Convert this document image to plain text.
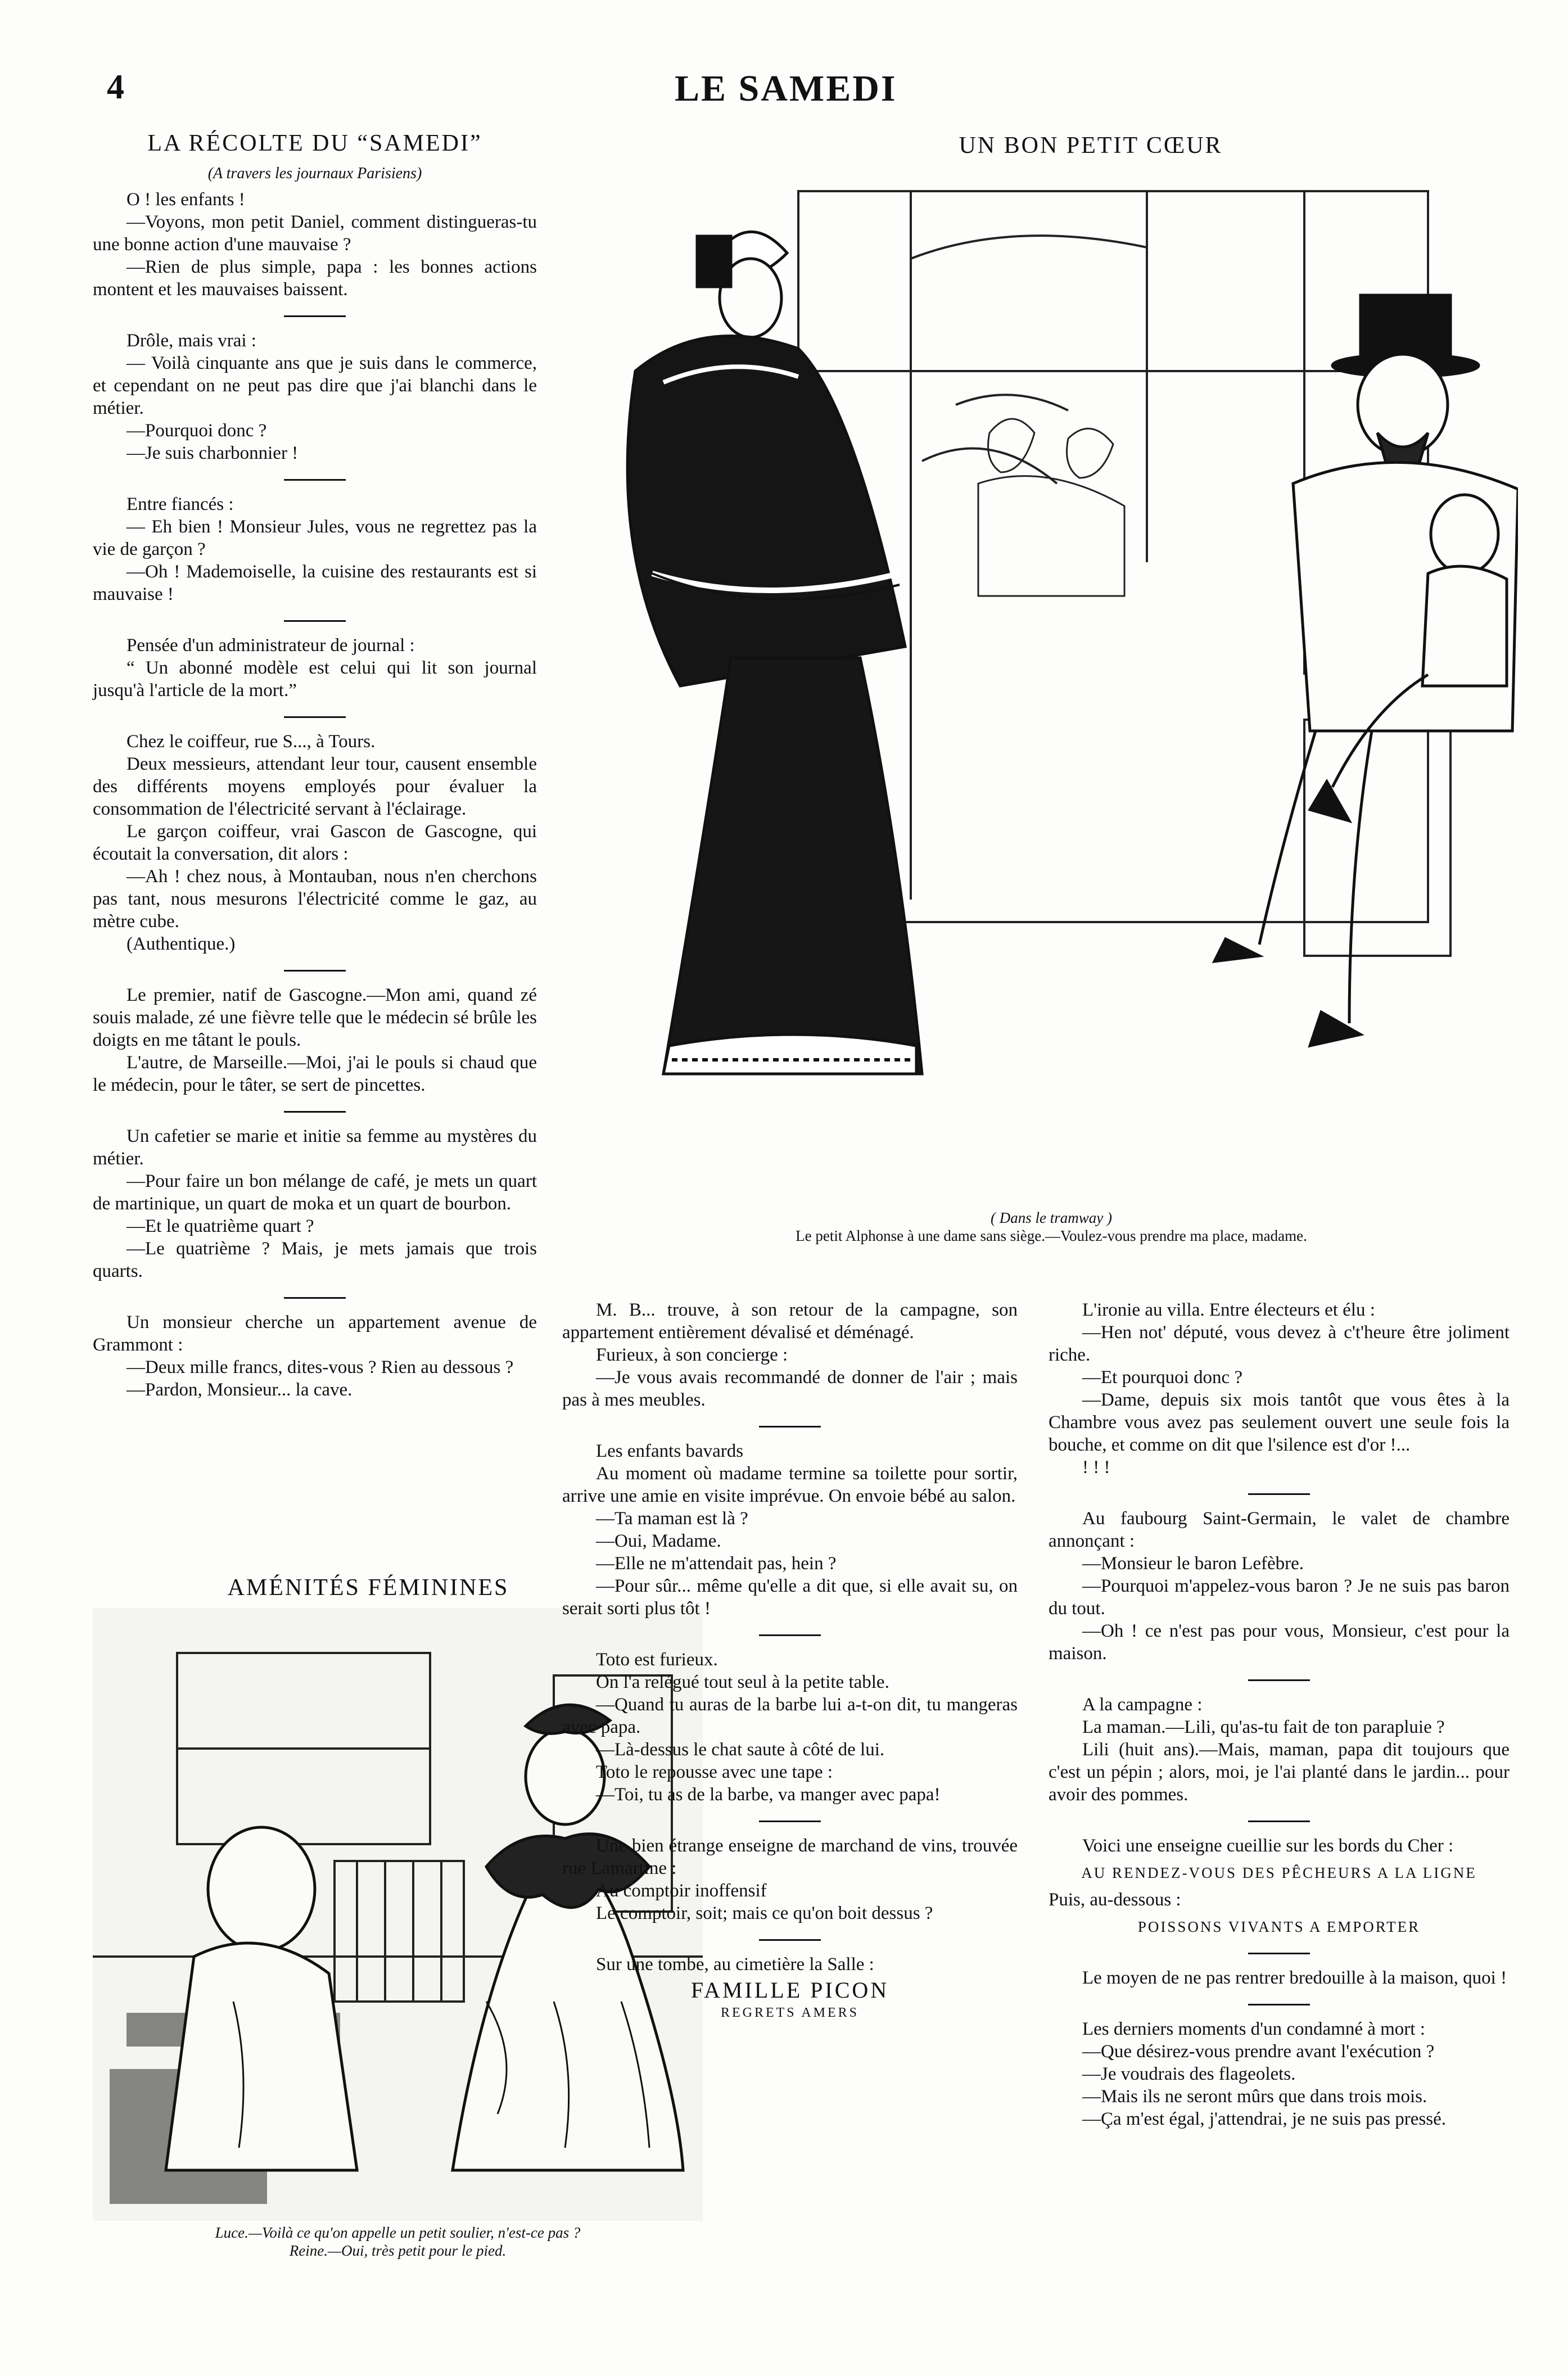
4	LE SAMEDI
LA RÉCOLTE DU “SAMEDI”
(A travers les journaux Parisiens)

O ! les enfants !

—Voyons, mon petit Daniel, comment distingueras-tu une bonne action d'une mauvaise ?

—Rien de plus simple, papa : les bonnes actions montent et les mauvaises baissent.

Drôle, mais vrai :

— Voilà cinquante ans que je suis dans le commerce, et cependant on ne peut pas dire que j'ai blanchi dans le métier.

—Pourquoi donc ?

—Je suis charbonnier !

Entre fiancés :

— Eh bien ! Monsieur Jules, vous ne regrettez pas la vie de garçon ?

—Oh ! Mademoiselle, la cuisine des restaurants est si mauvaise !

Pensée d'un administrateur de journal :

“ Un abonné modèle est celui qui lit son journal jusqu'à l'article de la mort.”

Chez le coiffeur, rue S..., à Tours.

Deux messieurs, attendant leur tour, causent ensemble des différents moyens employés pour évaluer la consommation de l'électricité servant à l'éclairage.

Le garçon coiffeur, vrai Gascon de Gascogne, qui écoutait la conversation, dit alors :

—Ah ! chez nous, à Montauban, nous n'en cherchons pas tant, nous mesurons l'électricité comme le gaz, au mètre cube.

(Authentique.)

Le premier, natif de Gascogne.—Mon ami, quand zé souis malade, zé une fièvre telle que le médecin sé brûle les doigts en me tâtant le pouls.

L'autre, de Marseille.—Moi, j'ai le pouls si chaud que le médecin, pour le tâter, se sert de pincettes.

Un cafetier se marie et initie sa femme au mystères du métier.

—Pour faire un bon mélange de café, je mets un quart de martinique, un quart de moka et un quart de bourbon.

—Et le quatrième quart ?

—Le quatrième ? Mais, je mets jamais que trois quarts.

Un monsieur cherche un appartement avenue de Grammont :

—Deux mille francs, dites-vous ? Rien au dessous ?

—Pardon, Monsieur... la cave.

AMÉNITÉS FÉMININES
Luce.—Voilà ce qu'on appelle un petit soulier, n'est-ce pas ?
Reine.—Oui, très petit pour le pied.
UN BON PETIT CŒUR
( Dans le tramway )
Le petit Alphonse à une dame sans siège.—Voulez-vous prendre ma place, madame.

M. B... trouve, à son retour de la campagne, son appartement entièrement dévalisé et déménagé.

Furieux, à son concierge :

—Je vous avais recommandé de donner de l'air ; mais pas à mes meubles.

Les enfants bavards

Au moment où madame termine sa toilette pour sortir, arrive une amie en visite imprévue. On envoie bébé au salon.

—Ta maman est là ?

—Oui, Madame.

—Elle ne m'attendait pas, hein ?

—Pour sûr... même qu'elle a dit que, si elle avait su, on serait sorti plus tôt !

Toto est furieux.

On l'a relégué tout seul à la petite table.

—Quand tu auras de la barbe lui a-t-on dit, tu mangeras avec papa.

—Là-dessus le chat saute à côté de lui.

Toto le repousse avec une tape :

—Toi, tu as de la barbe, va manger avec papa!

Une bien étrange enseigne de marchand de vins, trouvée rue Lamartine :

Au comptoir inoffensif

Le comptoir, soit; mais ce qu'on boit dessus ?

Sur une tombe, au cimetière la Salle :

FAMILLE PICON
REGRETS AMERS

L'ironie au villa. Entre électeurs et élu :

—Hen not' député, vous devez à c't'heure être joliment riche.

—Et pourquoi donc ?

—Dame, depuis six mois tantôt que vous êtes à la Chambre vous avez pas seulement ouvert une seule fois la bouche, et comme on dit que l'silence est d'or !...

! ! !

Au faubourg Saint-Germain, le valet de chambre annonçant :

—Monsieur le baron Lefèbre.

—Pourquoi m'appelez-vous baron ? Je ne suis pas baron du tout.

—Oh ! ce n'est pas pour vous, Monsieur, c'est pour la maison.

A la campagne :

La maman.—Lili, qu'as-tu fait de ton parapluie ?

Lili (huit ans).—Mais, maman, papa dit toujours que c'est un pépin ; alors, moi, je l'ai planté dans le jardin... pour avoir des pommes.

Voici une enseigne cueillie sur les bords du Cher :

AU RENDEZ-VOUS DES PÊCHEURS A LA LIGNE
Puis, au-dessous :
POISSONS VIVANTS A EMPORTER

Le moyen de ne pas rentrer bredouille à la maison, quoi !

Les derniers moments d'un condamné à mort :

—Que désirez-vous prendre avant l'exécution ?

—Je voudrais des flageolets.

—Mais ils ne seront mûrs que dans trois mois.

—Ça m'est égal, j'attendrai, je ne suis pas pressé.
